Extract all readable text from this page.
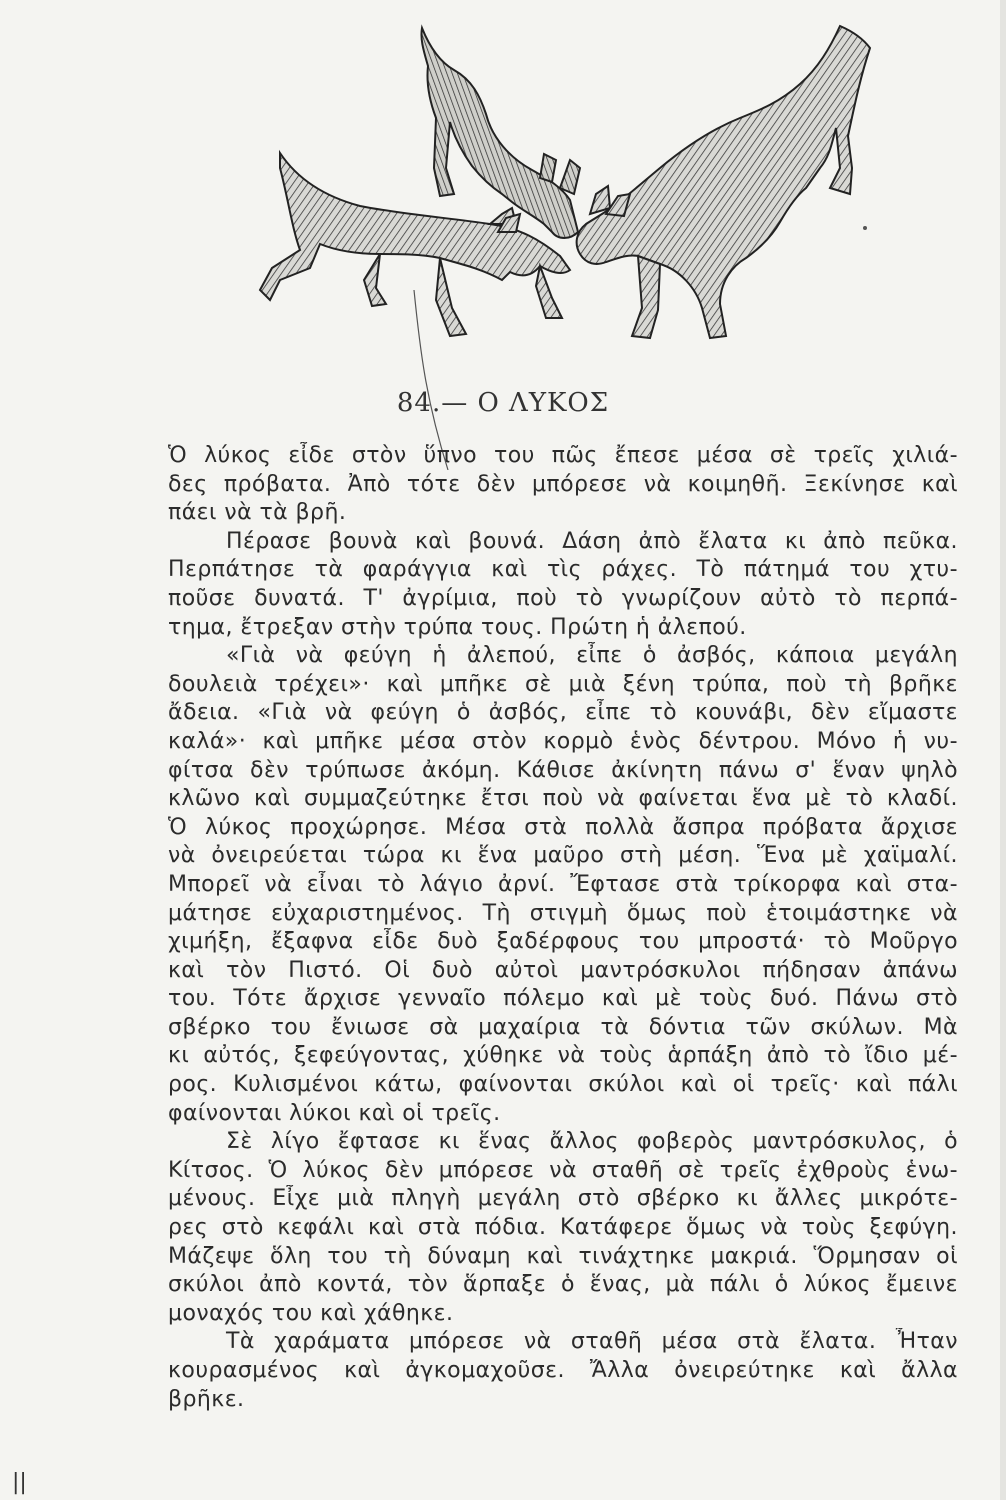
84.— Ο ΛΥΚΟΣ

Ὁ λύκος εἶδε στὸν ὕπνο του πῶς ἔπεσε μέσα σὲ τρεῖς χιλιά-
δες πρόβατα. Ἀπὸ τότε δὲν μπόρεσε νὰ κοιμηθῆ. Ξεκίνησε καὶ
πάει νὰ τὰ βρῆ.

Πέρασε βουνὰ καὶ βουνά. Δάση ἀπὸ ἔλατα κι ἀπὸ πεῦκα.
Περπάτησε τὰ φαράγγια καὶ τὶς ράχες. Τὸ πάτημά του χτυ-
ποῦσε δυνατά. Τ' ἀγρίμια, ποὺ τὸ γνωρίζουν αὐτὸ τὸ περπά-
τημα, ἔτρεξαν στὴν τρύπα τους. Πρώτη ἡ ἀλεπού.

«Γιὰ νὰ φεύγη ἡ ἀλεπού, εἶπε ὁ ἀσβός, κάποια μεγάλη
δουλειὰ τρέχει»· καὶ μπῆκε σὲ μιὰ ξένη τρύπα, ποὺ τὴ βρῆκε
ἄδεια. «Γιὰ νὰ φεύγη ὁ ἀσβός, εἶπε τὸ κουνάβι, δὲν εἴμαστε
καλά»· καὶ μπῆκε μέσα στὸν κορμὸ ἑνὸς δέντρου. Μόνο ἡ νυ-
φίτσα δὲν τρύπωσε ἀκόμη. Κάθισε ἀκίνητη πάνω σ' ἕναν ψηλὸ
κλῶνο καὶ συμμαζεύτηκε ἔτσι ποὺ νὰ φαίνεται ἕνα μὲ τὸ κλαδί.
Ὁ λύκος προχώρησε. Μέσα στὰ πολλὰ ἄσπρα πρόβατα ἄρχισε
νὰ ὀνειρεύεται τώρα κι ἕνα μαῦρο στὴ μέση. Ἕνα μὲ χαϊμαλί.
Μπορεῖ νὰ εἶναι τὸ λάγιο ἀρνί. Ἔφτασε στὰ τρίκορφα καὶ στα-
μάτησε εὐχαριστημένος. Τὴ στιγμὴ ὅμως ποὺ ἑτοιμάστηκε νὰ
χιμήξη, ἔξαφνα εἶδε δυὸ ξαδέρφους του μπροστά· τὸ Μοῦργο
καὶ τὸν Πιστό. Οἱ δυὸ αὐτοὶ μαντρόσκυλοι πήδησαν ἀπάνω
του. Τότε ἄρχισε γενναῖο πόλεμο καὶ μὲ τοὺς δυό. Πάνω στὸ
σβέρκο του ἔνιωσε σὰ μαχαίρια τὰ δόντια τῶν σκύλων. Μὰ
κι αὐτός, ξεφεύγοντας, χύθηκε νὰ τοὺς ἁρπάξη ἀπὸ τὸ ἴδιο μέ-
ρος. Κυλισμένοι κάτω, φαίνονται σκύλοι καὶ οἱ τρεῖς· καὶ πάλι
φαίνονται λύκοι καὶ οἱ τρεῖς.

Σὲ λίγο ἔφτασε κι ἕνας ἄλλος φοβερὸς μαντρόσκυλος, ὁ
Κίτσος. Ὁ λύκος δὲν μπόρεσε νὰ σταθῆ σὲ τρεῖς ἐχθροὺς ἑνω-
μένους. Εἶχε μιὰ πληγὴ μεγάλη στὸ σβέρκο κι ἄλλες μικρότε-
ρες στὸ κεφάλι καὶ στὰ πόδια. Κατάφερε ὅμως νὰ τοὺς ξεφύγη.
Μάζεψε ὅλη του τὴ δύναμη καὶ τινάχτηκε μακριά. Ὅρμησαν οἱ
σκύλοι ἀπὸ κοντά, τὸν ἅρπαξε ὁ ἕνας, μὰ πάλι ὁ λύκος ἔμεινε
μοναχός του καὶ χάθηκε.

Τὰ χαράματα μπόρεσε νὰ σταθῆ μέσα στὰ ἔλατα. Ἦταν
κουρασμένος καὶ ἀγκομαχοῦσε. Ἄλλα ὀνειρεύτηκε καὶ ἄλλα
βρῆκε.

||
